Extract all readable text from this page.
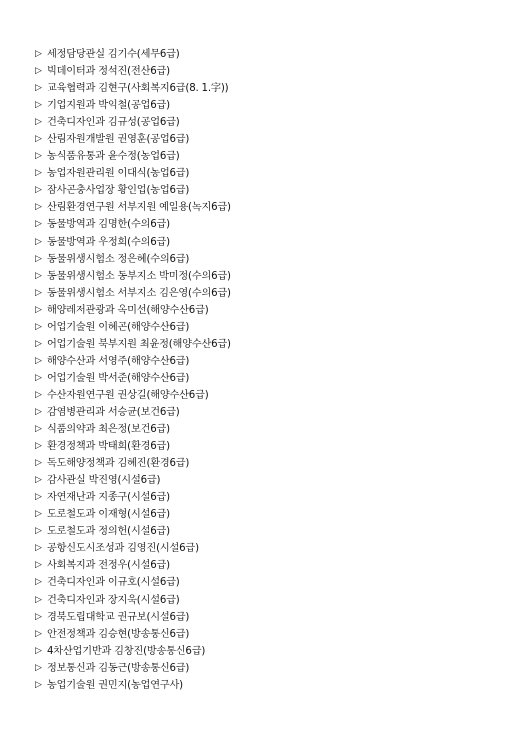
▷ 세정담당관실 김기수(세무6급)
▷ 빅데이터과 정석진(전산6급)
▷ 교육협력과 김현구(사회복지6급(8. 1.字))
▷ 기업지원과 박익철(공업6급)
▷ 건축디자인과 김규성(공업6급)
▷ 산림자원개발원 권영훈(공업6급)
▷ 농식품유통과 윤수정(농업6급)
▷ 농업자원관리원 이대식(농업6급)
▷ 잠사곤충사업장 황인업(농업6급)
▷ 산림환경연구원 서부지원 예일용(녹지6급)
▷ 동물방역과 김명한(수의6급)
▷ 동물방역과 우정희(수의6급)
▷ 동물위생시험소 정은혜(수의6급)
▷ 동물위생시험소 동부지소 박미정(수의6급)
▷ 동물위생시험소 서부지소 김은영(수의6급)
▷ 해양레저관광과 옥미선(해양수산6급)
▷ 어업기술원 이혜곤(해양수산6급)
▷ 어업기술원 북부지원 최윤정(해양수산6급)
▷ 해양수산과 서영주(해양수산6급)
▷ 어업기술원 박서준(해양수산6급)
▷ 수산자원연구원 권상길(해양수산6급)
▷ 감염병관리과 서승균(보건6급)
▷ 식품의약과 최은정(보건6급)
▷ 환경정책과 박태희(환경6급)
▷ 독도해양정책과 김혜진(환경6급)
▷ 감사관실 박진영(시설6급)
▷ 자연재난과 지종구(시설6급)
▷ 도로철도과 이재형(시설6급)
▷ 도로철도과 정의헌(시설6급)
▷ 공항신도시조성과 김영진(시설6급)
▷ 사회복지과 전정우(시설6급)
▷ 건축디자인과 이규호(시설6급)
▷ 건축디자인과 장지욱(시설6급)
▷ 경북도립대학교 권규보(시설6급)
▷ 안전정책과 김승현(방송통신6급)
▷ 4차산업기반과 김창진(방송통신6급)
▷ 정보통신과 김동근(방송통신6급)
▷ 농업기술원 권민지(농업연구사)
